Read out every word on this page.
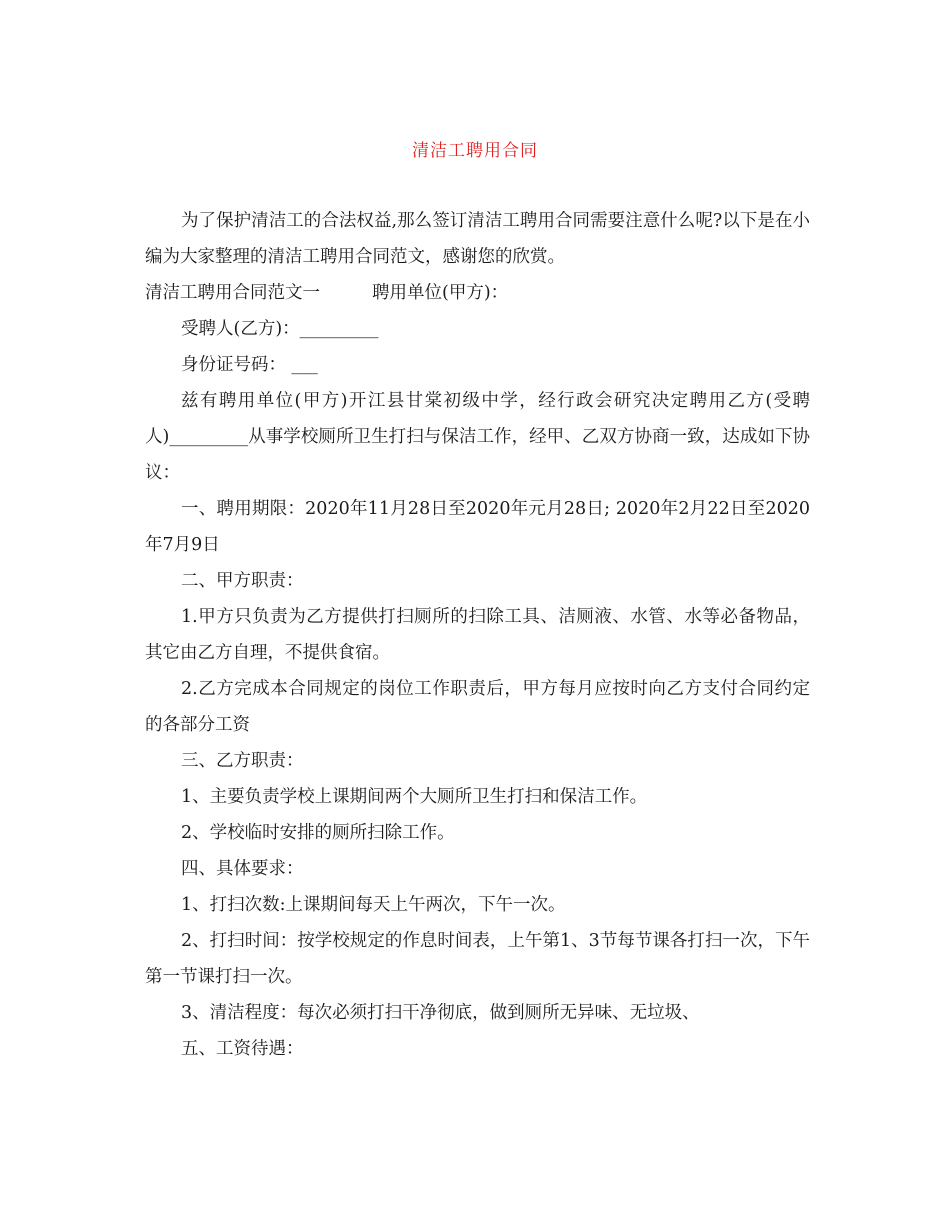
清洁工聘用合同

为了保护清洁工的合法权益,那么签订清洁工聘用合同需要注意什么呢?以下是在小编为大家整理的清洁工聘用合同范文，感谢您的欣赏。

清洁工聘用合同范文一	聘用单位(甲方)：

受聘人(乙方)：_________

身份证号码： ___

兹有聘用单位(甲方)开江县甘棠初级中学，经行政会研究决定聘用乙方(受聘人)_________从事学校厕所卫生打扫与保洁工作，经甲、乙双方协商一致，达成如下协议：

一、聘用期限：2020年11月28日至2020年元月28日; 2020年2月22日至2020年7月9日

二、甲方职责：

1.甲方只负责为乙方提供打扫厕所的扫除工具、洁厕液、水管、水等必备物品，其它由乙方自理，不提供食宿。

2.乙方完成本合同规定的岗位工作职责后，甲方每月应按时向乙方支付合同约定的各部分工资

三、乙方职责：

1、主要负责学校上课期间两个大厕所卫生打扫和保洁工作。

2、学校临时安排的厕所扫除工作。

四、具体要求：

1、打扫次数:上课期间每天上午两次，下午一次。

2、打扫时间：按学校规定的作息时间表，上午第1、3节每节课各打扫一次，下午第一节课打扫一次。

3、清洁程度：每次必须打扫干净彻底，做到厕所无异味、无垃圾、

五、工资待遇：
